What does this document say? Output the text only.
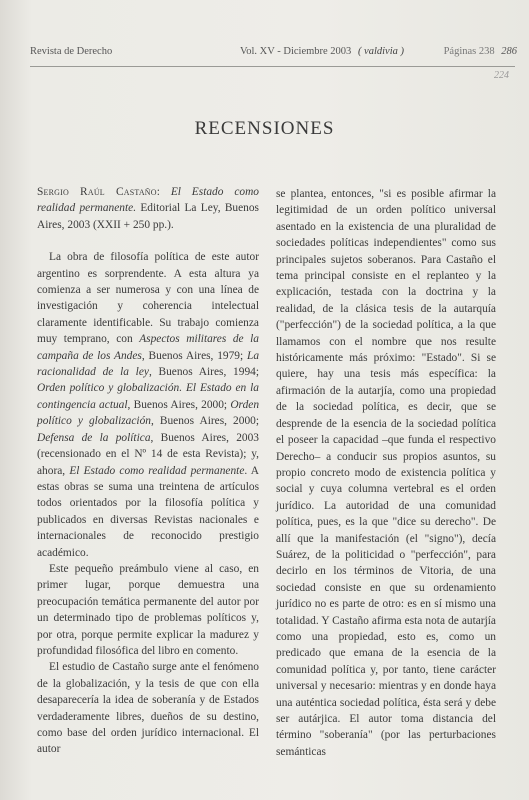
Revista de Derecho	Vol. XV - Diciembre 2003 ( valdivia )	Páginas 238 286
224
RECENSIONES

Sergio Raúl Castaño: El Estado como realidad permanente. Editorial La Ley, Buenos Aires, 2003 (XXII + 250 pp.).

La obra de filosofía política de este autor argentino es sorprendente. A esta altura ya comienza a ser numerosa y con una línea de investigación y coherencia intelectual claramente identificable. Su trabajo comienza muy temprano, con Aspectos militares de la campaña de los Andes, Buenos Aires, 1979; La racionalidad de la ley, Buenos Aires, 1994; Orden político y globalización. El Estado en la contingencia actual, Buenos Aires, 2000; Orden político y globalización, Buenos Aires, 2000; Defensa de la política, Buenos Aires, 2003 (recensionado en el Nº 14 de esta Revista); y, ahora, El Estado como realidad permanente. A estas obras se suma una treintena de artículos todos orientados por la filosofía política y publicados en diversas Revistas nacionales e internacionales de reconocido prestigio académico.

Este pequeño preámbulo viene al caso, en primer lugar, porque demuestra una preocupación temática permanente del autor por un determinado tipo de problemas políticos y, por otra, porque permite explicar la madurez y profundidad filosófica del libro en comento.

El estudio de Castaño surge ante el fenómeno de la globalización, y la tesis de que con ella desaparecería la idea de soberanía y de Estados verdaderamente libres, dueños de su destino, como base del orden jurídico internacional. El autor

se plantea, entonces, "si es posible afirmar la legitimidad de un orden político universal asentado en la existencia de una pluralidad de sociedades políticas independientes" como sus principales sujetos soberanos. Para Castaño el tema principal consiste en el replanteo y la explicación, testada con la doctrina y la realidad, de la clásica tesis de la autarquía ("perfección") de la sociedad política, a la que llamamos con el nombre que nos resulte históricamente más próximo: "Estado". Si se quiere, hay una tesis más específica: la afirmación de la autarjía, como una propiedad de la sociedad política, es decir, que se desprende de la esencia de la sociedad política el poseer la capacidad –que funda el respectivo Derecho– a conducir sus propios asuntos, su propio concreto modo de existencia política y social y cuya columna vertebral es el orden jurídico. La autoridad de una comunidad política, pues, es la que "dice su derecho". De allí que la manifestación (el "signo"), decía Suárez, de la politicidad o "perfección", para decirlo en los términos de Vitoria, de una sociedad consiste en que su ordenamiento jurídico no es parte de otro: es en sí mismo una totalidad. Y Castaño afirma esta nota de autarjía como una propiedad, esto es, como un predicado que emana de la esencia de la comunidad política y, por tanto, tiene carácter universal y necesario: mientras y en donde haya una auténtica sociedad política, ésta será y debe ser autárjica. El autor toma distancia del término "soberanía" (por las perturbaciones semánticas
